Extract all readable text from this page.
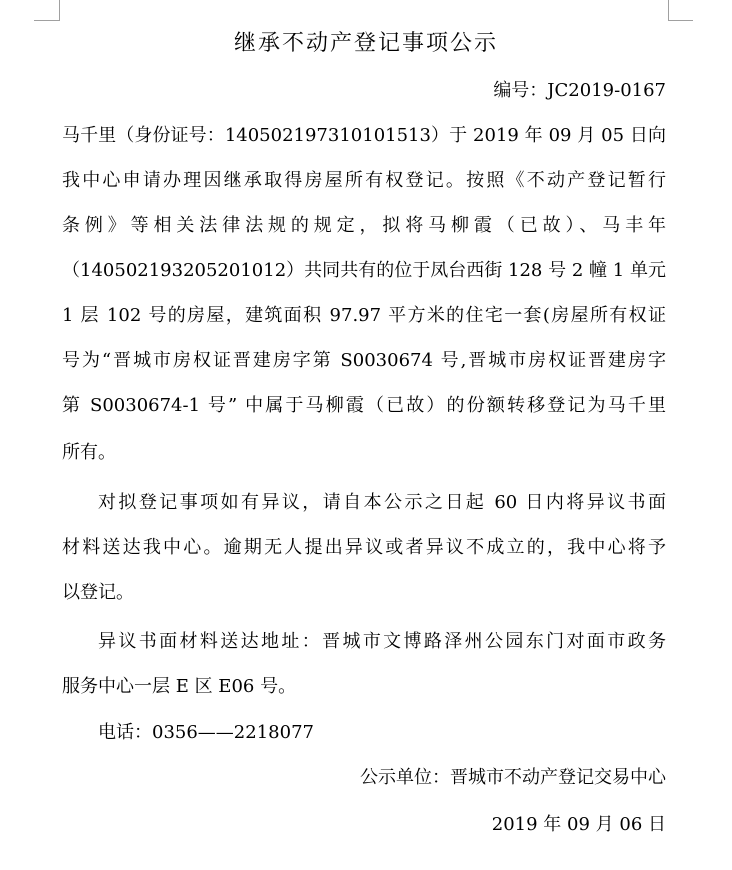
继承不动产登记事项公示
编号：JC2019-0167
马千里（身份证号：140502197310101513）于 2019 年 09 月 05 日向
我中心申请办理因继承取得房屋所有权登记。按照《不动产登记暂行
条例》等相关法律法规的规定，拟将马柳霞（已故）、马丰年
（140502193205201012）共同共有的位于凤台西街 128 号 2 幢 1 单元
1 层 102 号的房屋，建筑面积 97.97 平方米的住宅一套(房屋所有权证
号为“晋城市房权证晋建房字第 S0030674 号,晋城市房权证晋建房字
第 S0030674-1 号” 中属于马柳霞（已故）的份额转移登记为马千里
所有。
对拟登记事项如有异议，请自本公示之日起 60 日内将异议书面
材料送达我中心。逾期无人提出异议或者异议不成立的，我中心将予
以登记。
异议书面材料送达地址：晋城市文博路泽州公园东门对面市政务
服务中心一层 E 区 E06 号。
电话：0356——2218077
公示单位：晋城市不动产登记交易中心
2019 年 09 月 06 日
